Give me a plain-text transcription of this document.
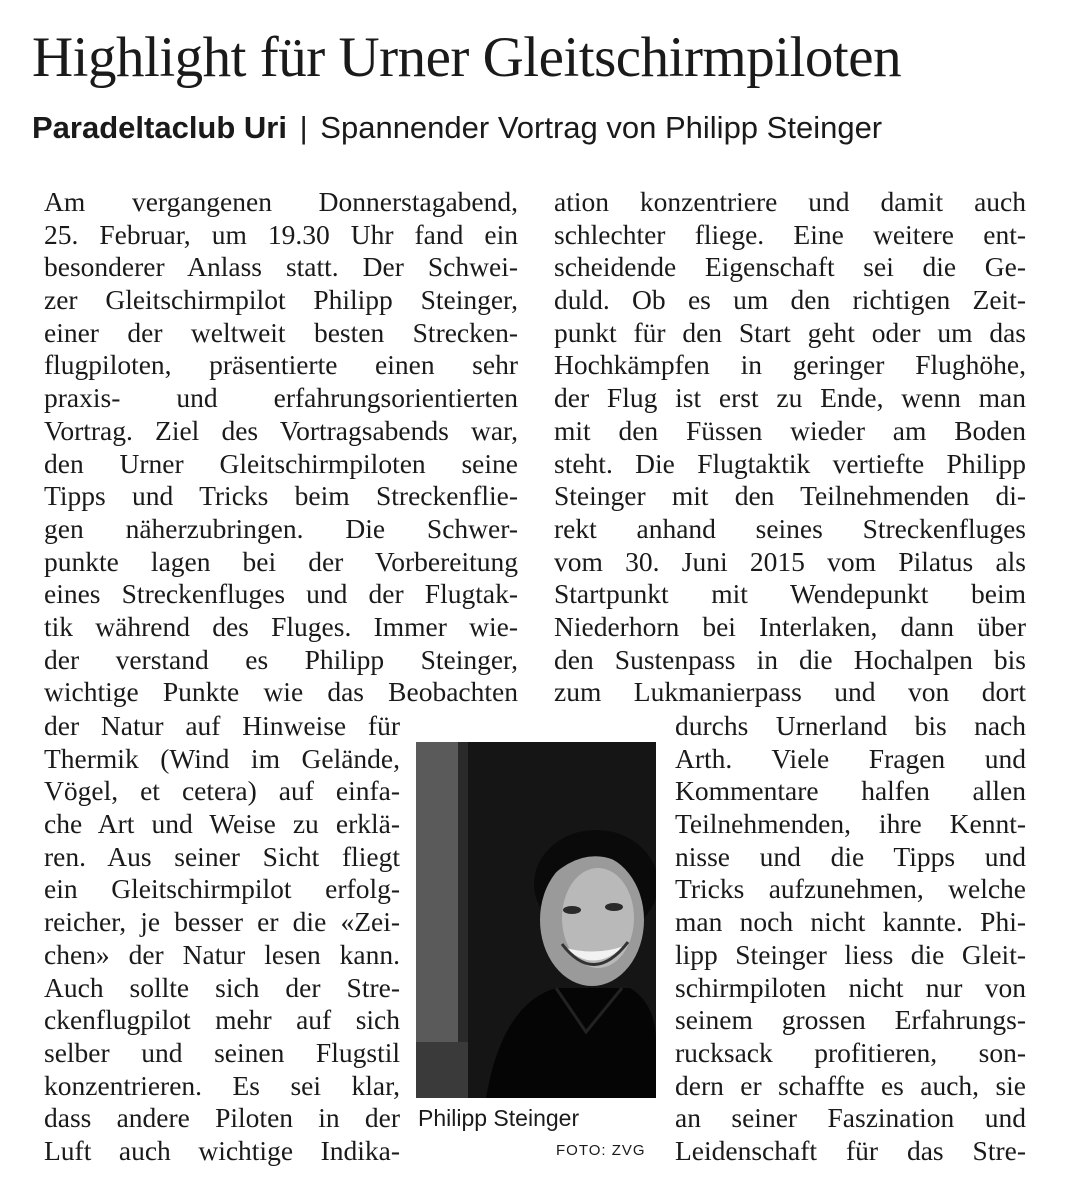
Highlight für Urner Gleitschirmpiloten
Paradeltaclub Uri | Spannender Vortrag von Philipp Steinger
Am vergangenen Donnerstagabend,
25. Februar, um 19.30 Uhr fand ein
besonderer Anlass statt. Der Schwei-
zer Gleitschirmpilot Philipp Steinger,
einer der weltweit besten Strecken-
flugpiloten, präsentierte einen sehr
praxis- und erfahrungsorientierten
Vortrag. Ziel des Vortragsabends war,
den Urner Gleitschirmpiloten seine
Tipps und Tricks beim Streckenflie-
gen näherzubringen. Die Schwer-
punkte lagen bei der Vorbereitung
eines Streckenfluges und der Flugtak-
tik während des Fluges. Immer wie-
der verstand es Philipp Steinger,
wichtige Punkte wie das Beobachten
der Natur auf Hinweise für
Thermik (Wind im Gelände,
Vögel, et cetera) auf einfa-
che Art und Weise zu erklä-
ren. Aus seiner Sicht fliegt
ein Gleitschirmpilot erfolg-
reicher, je besser er die «Zei-
chen» der Natur lesen kann.
Auch sollte sich der Stre-
ckenflugpilot mehr auf sich
selber und seinen Flugstil
konzentrieren. Es sei klar,
dass andere Piloten in der
Luft auch wichtige Indika-
ation konzentriere und damit auch
schlechter fliege. Eine weitere ent-
scheidende Eigenschaft sei die Ge-
duld. Ob es um den richtigen Zeit-
punkt für den Start geht oder um das
Hochkämpfen in geringer Flughöhe,
der Flug ist erst zu Ende, wenn man
mit den Füssen wieder am Boden
steht. Die Flugtaktik vertiefte Philipp
Steinger mit den Teilnehmenden di-
rekt anhand seines Streckenfluges
vom 30. Juni 2015 vom Pilatus als
Startpunkt mit Wendepunkt beim
Niederhorn bei Interlaken, dann über
den Sustenpass in die Hochalpen bis
zum Lukmanierpass und von dort
durchs Urnerland bis nach
Arth. Viele Fragen und
Kommentare halfen allen
Teilnehmenden, ihre Kennt-
nisse und die Tipps und
Tricks aufzunehmen, welche
man noch nicht kannte. Phi-
lipp Steinger liess die Gleit-
schirmpiloten nicht nur von
seinem grossen Erfahrungs-
rucksack profitieren, son-
dern er schaffte es auch, sie
an seiner Faszination und
Leidenschaft für das Stre-
Philipp Steinger
FOTO: ZVG
